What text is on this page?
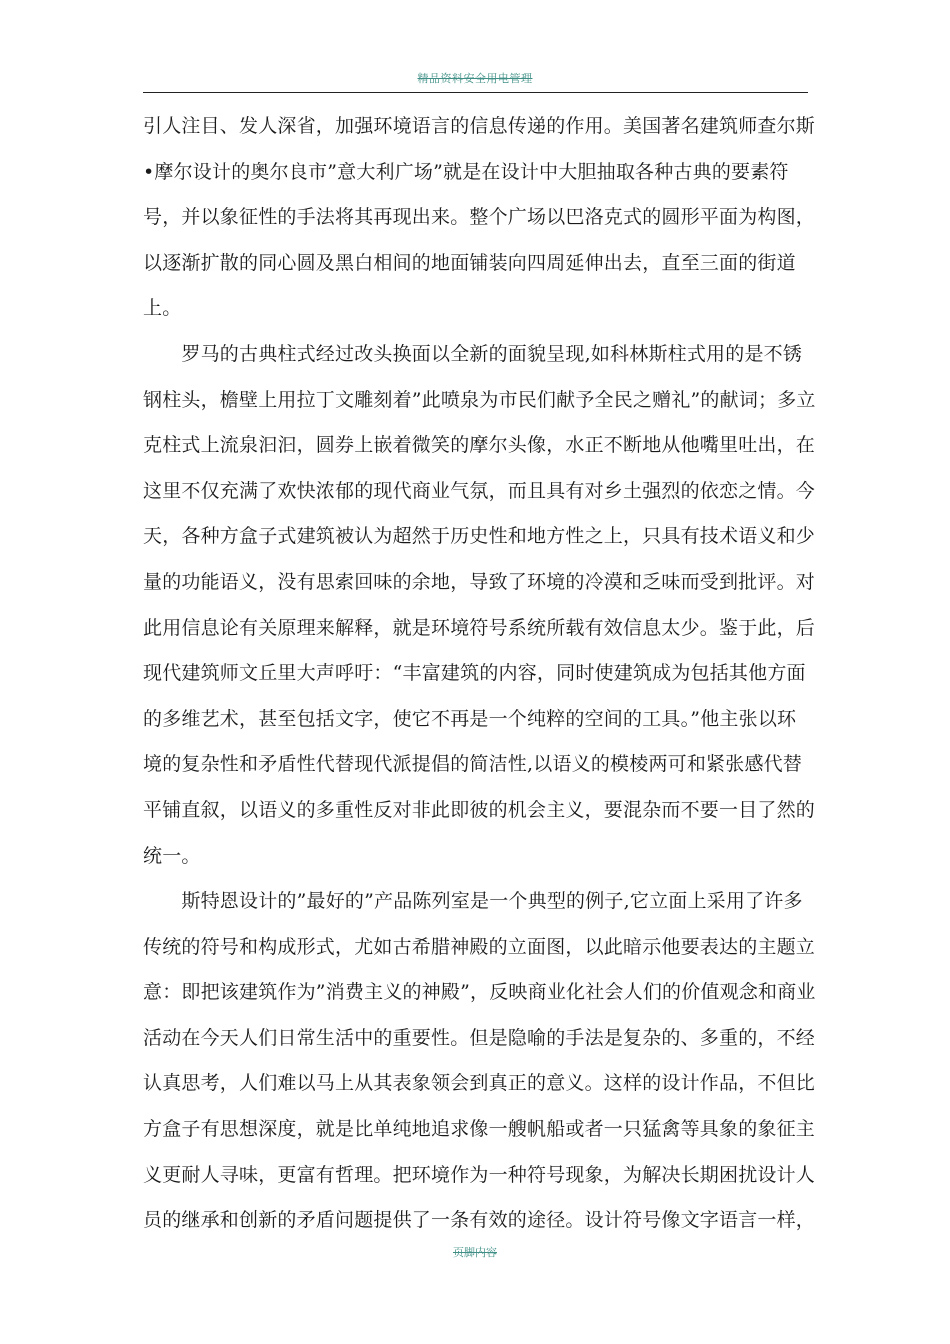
精品资料安全用电管理
引人注目、发人深省，加强环境语言的信息传递的作用。美国著名建筑师查尔斯
•摩尔设计的奥尔良市”意大利广场”就是在设计中大胆抽取各种古典的要素符
号，并以象征性的手法将其再现出来。整个广场以巴洛克式的圆形平面为构图，
以逐渐扩散的同心圆及黑白相间的地面铺装向四周延伸出去，直至三面的街道
上。
　　罗马的古典柱式经过改头换面以全新的面貌呈现,如科林斯柱式用的是不锈
钢柱头，檐壁上用拉丁文雕刻着”此喷泉为市民们献予全民之赠礼”的献词；多立
克柱式上流泉汩汩，圆券上嵌着微笑的摩尔头像，水正不断地从他嘴里吐出，在
这里不仅充满了欢快浓郁的现代商业气氛，而且具有对乡土强烈的依恋之情。今
天，各种方盒子式建筑被认为超然于历史性和地方性之上，只具有技术语义和少
量的功能语义，没有思索回味的余地，导致了环境的冷漠和乏味而受到批评。对
此用信息论有关原理来解释，就是环境符号系统所载有效信息太少。鉴于此，后
现代建筑师文丘里大声呼吁：“丰富建筑的内容，同时使建筑成为包括其他方面
的多维艺术，甚至包括文字，使它不再是一个纯粹的空间的工具。”他主张以环
境的复杂性和矛盾性代替现代派提倡的简洁性,以语义的模棱两可和紧张感代替
平铺直叙，以语义的多重性反对非此即彼的机会主义，要混杂而不要一目了然的
统一。
　　斯特恩设计的”最好的”产品陈列室是一个典型的例子,它立面上采用了许多
传统的符号和构成形式，尤如古希腊神殿的立面图，以此暗示他要表达的主题立
意：即把该建筑作为”消费主义的神殿”，反映商业化社会人们的价值观念和商业
活动在今天人们日常生活中的重要性。但是隐喻的手法是复杂的、多重的，不经
认真思考，人们难以马上从其表象领会到真正的意义。这样的设计作品，不但比
方盒子有思想深度，就是比单纯地追求像一艘帆船或者一只猛禽等具象的象征主
义更耐人寻味，更富有哲理。把环境作为一种符号现象，为解决长期困扰设计人
员的继承和创新的矛盾问题提供了一条有效的途径。设计符号像文字语言一样，
页脚内容
